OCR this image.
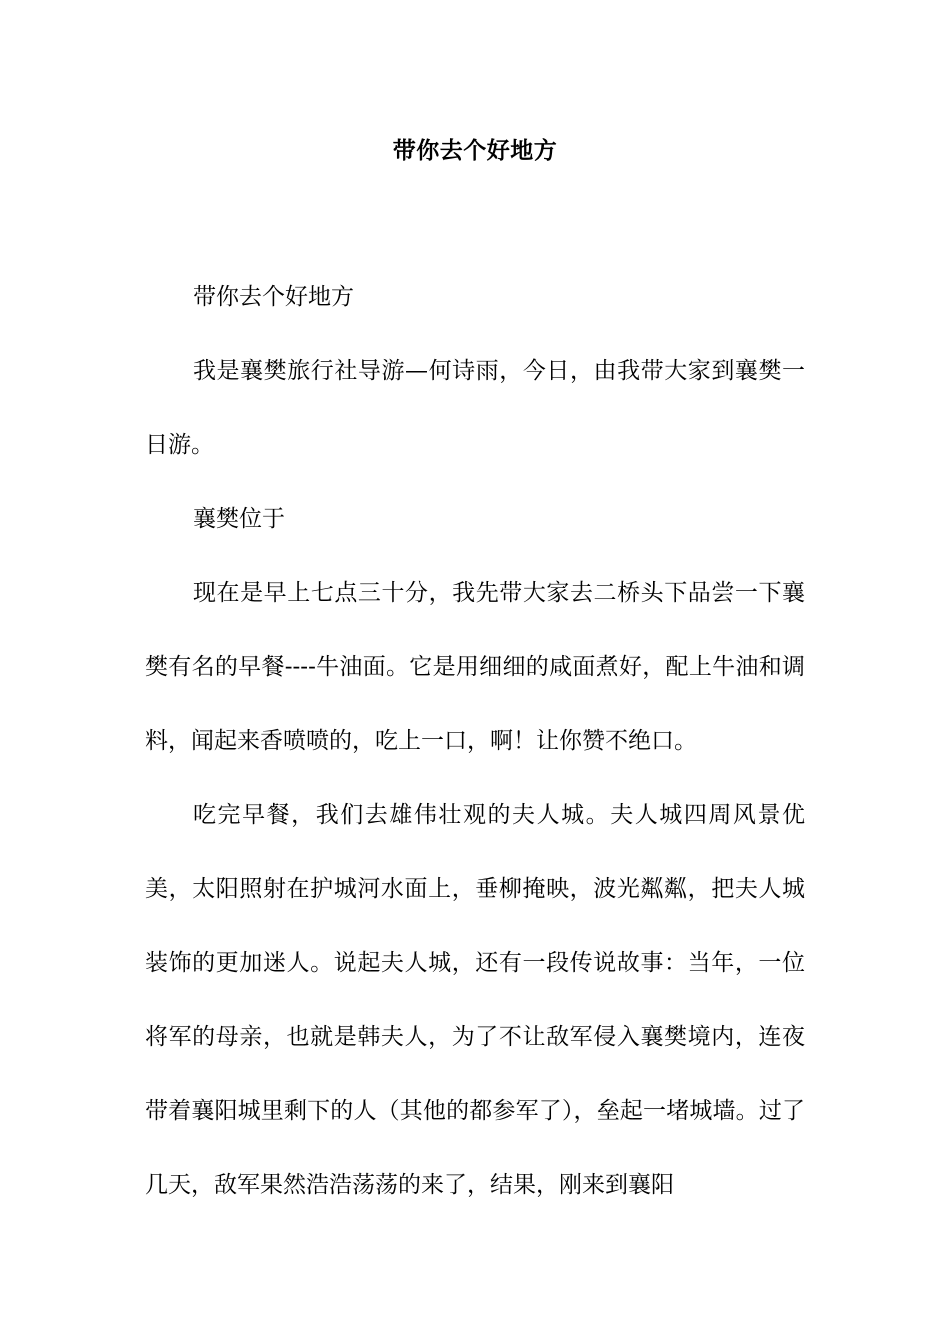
带你去个好地方

带你去个好地方

我是襄樊旅行社导游—何诗雨，今日，由我带大家到襄樊一日游。

襄樊位于

现在是早上七点三十分，我先带大家去二桥头下品尝一下襄樊有名的早餐----牛油面。它是用细细的咸面煮好，配上牛油和调料，闻起来香喷喷的，吃上一口，啊！让你赞不绝口。

吃完早餐，我们去雄伟壮观的夫人城。夫人城四周风景优美，太阳照射在护城河水面上，垂柳掩映，波光粼粼，把夫人城装饰的更加迷人。说起夫人城，还有一段传说故事：当年，一位将军的母亲，也就是韩夫人，为了不让敌军侵入襄樊境内，连夜带着襄阳城里剩下的人（其他的都参军了），垒起一堵城墙。过了几天，敌军果然浩浩荡荡的来了，结果，刚来到襄阳
